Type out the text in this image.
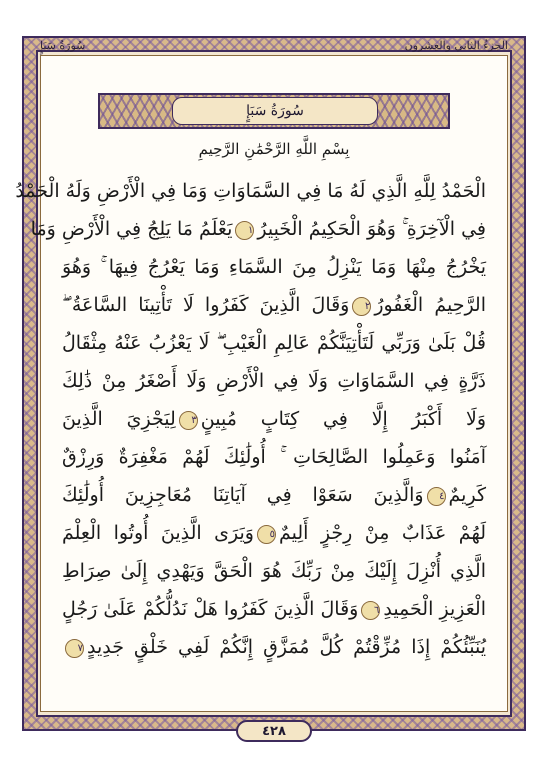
الجزءُ الثاني والعِشرون
سُورَةُ سَبَإٍ
سُورَةُ سَبَإٍ
بِسْمِ اللَّهِ الرَّحْمَٰنِ الرَّحِيمِ
الْحَمْدُ لِلَّهِ الَّذِي لَهُ مَا فِي السَّمَاوَاتِ وَمَا فِي الْأَرْضِ وَلَهُ الْحَمْدُ
فِي الْآخِرَةِ ۚ وَهُوَ الْحَكِيمُ الْخَبِيرُ١يَعْلَمُ مَا يَلِجُ فِي الْأَرْضِ وَمَا
يَخْرُجُ مِنْهَا وَمَا يَنْزِلُ مِنَ السَّمَاءِ وَمَا يَعْرُجُ فِيهَا ۚ وَهُوَ
الرَّحِيمُ الْغَفُورُ٢وَقَالَ الَّذِينَ كَفَرُوا لَا تَأْتِينَا السَّاعَةُ ۖ
قُلْ بَلَىٰ وَرَبِّي لَتَأْتِيَنَّكُمْ عَالِمِ الْغَيْبِ ۖ لَا يَعْزُبُ عَنْهُ مِثْقَالُ
ذَرَّةٍ فِي السَّمَاوَاتِ وَلَا فِي الْأَرْضِ وَلَا أَصْغَرُ مِنْ ذَٰلِكَ
وَلَا أَكْبَرُ إِلَّا فِي كِتَابٍ مُبِينٍ٣لِيَجْزِيَ الَّذِينَ
آمَنُوا وَعَمِلُوا الصَّالِحَاتِ ۚ أُولَٰئِكَ لَهُمْ مَغْفِرَةٌ وَرِزْقٌ
كَرِيمٌ٤وَالَّذِينَ سَعَوْا فِي آيَاتِنَا مُعَاجِزِينَ أُولَٰئِكَ
لَهُمْ عَذَابٌ مِنْ رِجْزٍ أَلِيمٌ٥وَيَرَى الَّذِينَ أُوتُوا الْعِلْمَ
الَّذِي أُنْزِلَ إِلَيْكَ مِنْ رَبِّكَ هُوَ الْحَقَّ وَيَهْدِي إِلَىٰ صِرَاطِ
الْعَزِيزِ الْحَمِيدِ٦وَقَالَ الَّذِينَ كَفَرُوا هَلْ نَدُلُّكُمْ عَلَىٰ رَجُلٍ
يُنَبِّئُكُمْ إِذَا مُزِّقْتُمْ كُلَّ مُمَزَّقٍ إِنَّكُمْ لَفِي خَلْقٍ جَدِيدٍ٧
٤٢٨
